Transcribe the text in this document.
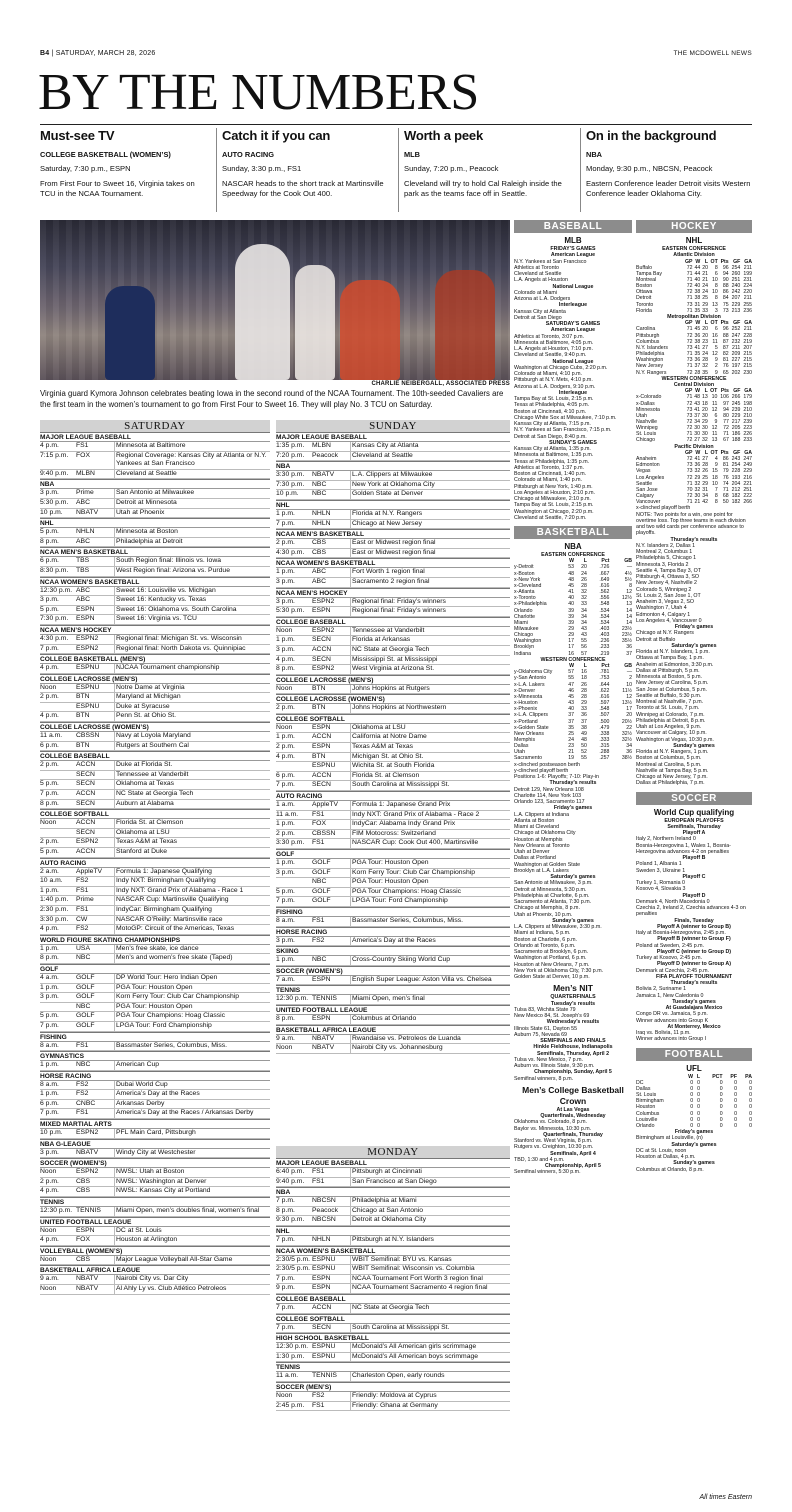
B4 | SATURDAY, MARCH 28, 2026	THE MCDOWELL NEWS
BY THE NUMBERS
Must-see TV
COLLEGE BASKETBALL (WOMEN’S)

Saturday, 7:30 p.m., ESPN

From First Four to Sweet 16, Virginia takes on TCU in the NCAA Tournament.

Catch it if you can
AUTO RACING

Sunday, 3:30 p.m., FS1

NASCAR heads to the short track at Martinsville Speedway for the Cook Out 400.

Worth a peek
MLB

Sunday, 7:20 p.m., Peacock

Cleveland will try to hold Cal Raleigh inside the park as the teams face off in Seattle.

On in the background
NBA

Monday, 9:30 p.m., NBCSN, Peacock

Eastern Conference leader Detroit visits Western Conference leader Oklahoma City.

CHARLIE NEIBERGALL, ASSOCIATED PRESS
Virginia guard Kymora Johnson celebrates beating Iowa in the second round of the NCAA Tournament. The 10th-seeded Cavaliers are the first team in the women’s tournament to go from First Four to Sweet 16. They will play No. 3 TCU on Saturday.
SATURDAY
MAJOR LEAGUE BASEBALL
4 p.m.	FS1	Minnesota at Baltimore
7:15 p.m.	FOX	Regional Coverage: Kansas City at Atlanta or N.Y. Yankees at San Francisco
9:40 p.m.	MLBN	Cleveland at Seattle
NBA
3 p.m.	Prime	San Antonio at Milwaukee
5:30 p.m.	ABC	Detroit at Minnesota
10 p.m.	NBATV	Utah at Phoenix
NHL
5 p.m.	NHLN	Minnesota at Boston
8 p.m.	ABC	Philadelphia at Detroit
NCAA MEN’S BASKETBALL
6 p.m.	TBS	South Region final: Illinois vs. Iowa
8:30 p.m.	TBS	West Region final: Arizona vs. Purdue
NCAA WOMEN’S BASKETBALL
12:30 p.m. ABC	Sweet 16: Louisville vs. Michigan
3 p.m.	ABC	Sweet 16: Kentucky vs. Texas
5 p.m.	ESPN	Sweet 16: Oklahoma vs. South Carolina
7:30 p.m.	ESPN	Sweet 16: Virginia vs. TCU
NCAA MEN’S HOCKEY
4:30 p.m.	ESPN2	Regional final: Michigan St. vs. Wisconsin
7 p.m.	ESPN2	Regional final: North Dakota vs. Quinnipiac
COLLEGE BASKETBALL (MEN’S)
4 p.m.	ESPNU	NJCAA Tournament championship
COLLEGE LACROSSE (MEN’S)
Noon	ESPNU	Notre Dame at Virginia
2 p.m.	BTN	Maryland at Michigan
ESPNU	Duke at Syracuse
4 p.m.	BTN	Penn St. at Ohio St.
COLLEGE LACROSSE (WOMEN’S)
11 a.m.	CBSSN	Navy at Loyola Maryland
6 p.m.	BTN	Rutgers at Southern Cal
COLLEGE BASEBALL
2 p.m.	ACCN	Duke at Florida St.
SECN	Tennessee at Vanderbilt
5 p.m.	SECN	Oklahoma at Texas
7 p.m.	ACCN	NC State at Georgia Tech
8 p.m.	SECN	Auburn at Alabama
COLLEGE SOFTBALL
Noon	ACCN	Florida St. at Clemson
SECN	Oklahoma at LSU
2 p.m.	ESPN2	Texas A&M at Texas
5 p.m.	ACCN	Stanford at Duke
AUTO RACING
2 a.m.	AppleTV	Formula 1: Japanese Qualifying
10 a.m.	FS2	Indy NXT: Birmingham Qualifying
1 p.m.	FS1	Indy NXT: Grand Prix of Alabama - Race 1
1:40 p.m.	Prime	NASCAR Cup: Martinsville Qualifying
2:30 p.m.	FS1	IndyCar: Birmingham Qualifying
3:30 p.m.	CW	NASCAR O’Reilly: Martinsville race
4 p.m.	FS2	MotoGP: Circuit of the Americas, Texas
WORLD FIGURE SKATING CHAMPIONSHIPS
1 p.m.	USA	Men’s free skate, ice dance
8 p.m.	NBC	Men’s and women’s free skate (Taped)
GOLF
4 a.m.	GOLF	DP World Tour: Hero Indian Open
1 p.m.	GOLF	PGA Tour: Houston Open
3 p.m.	GOLF	Korn Ferry Tour: Club Car Championship
NBC	PGA Tour: Houston Open
5 p.m.	GOLF	PGA Tour Champions: Hoag Classic
7 p.m.	GOLF	LPGA Tour: Ford Championship
FISHING
8 a.m.	FS1	Bassmaster Series, Columbus, Miss.
GYMNASTICS
1 p.m.	NBC	American Cup
HORSE RACING
8 a.m.	FS2	Dubai World Cup
1 p.m.	FS2	America’s Day at the Races
6 p.m.	CNBC	Arkansas Derby
7 p.m.	FS1	America’s Day at the Races / Arkansas Derby
MIXED MARTIAL ARTS
10 p.m.	ESPN2	PFL Main Card, Pittsburgh
NBA G-LEAGUE
3 p.m.	NBATV	Windy City at Westchester
SOCCER (WOMEN’S)
Noon	ESPN2	NWSL: Utah at Boston
2 p.m.	CBS	NWSL: Washington at Denver
4 p.m.	CBS	NWSL: Kansas City at Portland
TENNIS
12:30 p.m. TENNIS	Miami Open, men’s doubles final, women’s final
UNITED FOOTBALL LEAGUE
Noon	ESPN	DC at St. Louis
4 p.m.	FOX	Houston at Arlington
VOLLEYBALL (WOMEN’S)
Noon	CBS	Major League Volleyball All-Star Game
BASKETBALL AFRICA LEAGUE
9 a.m.	NBATV	Nairobi City vs. Dar City
Noon	NBATV	Al Ahly Ly vs. Club Atlético Petroleos
SUNDAY
MAJOR LEAGUE BASEBALL
1:35 p.m.	MLBN	Kansas City at Atlanta
7:20 p.m.	Peacock	Cleveland at Seattle
NBA
3:30 p.m.	NBATV	L.A. Clippers at Milwaukee
7:30 p.m.	NBC	New York at Oklahoma City
10 p.m.	NBC	Golden State at Denver
NHL
1 p.m.	NHLN	Florida at N.Y. Rangers
7 p.m.	NHLN	Chicago at New Jersey
NCAA MEN’S BASKETBALL
2 p.m.	CBS	East or Midwest region final
4:30 p.m.	CBS	East or Midwest region final
NCAA WOMEN’S BASKETBALL
1 p.m.	ABC	Fort Worth 1 region final
3 p.m.	ABC	Sacramento 2 region final
NCAA MEN’S HOCKEY
3 p.m.	ESPN2	Regional final: Friday’s winners
5:30 p.m.	ESPN	Regional final: Friday’s winners
COLLEGE BASEBALL
Noon	ESPN2	Tennessee at Vanderbilt
1 p.m.	SECN	Florida at Arkansas
3 p.m.	ACCN	NC State at Georgia Tech
4 p.m.	SECN	Mississippi St. at Mississippi
8 p.m.	ESPN2	West Virginia at Arizona St.
COLLEGE LACROSSE (MEN’S)
Noon	BTN	Johns Hopkins at Rutgers
COLLEGE LACROSSE (WOMEN’S)
2 p.m.	BTN	Johns Hopkins at Northwestern
COLLEGE SOFTBALL
Noon	ESPN	Oklahoma at LSU
1 p.m.	ACCN	California at Notre Dame
2 p.m.	ESPN	Texas A&M at Texas
4 p.m.	BTN	Michigan St. at Ohio St.
ESPNU	Wichita St. at South Florida
6 p.m.	ACCN	Florida St. at Clemson
7 p.m.	SECN	South Carolina at Mississippi St.
AUTO RACING
1 a.m.	AppleTV	Formula 1: Japanese Grand Prix
11 a.m.	FS1	Indy NXT: Grand Prix of Alabama - Race 2
1 p.m.	FOX	IndyCar: Alabama Indy Grand Prix
2 p.m.	CBSSN	FIM Motocross: Switzerland
3:30 p.m.	FS1	NASCAR Cup: Cook Out 400, Martinsville
GOLF
1 p.m.	GOLF	PGA Tour: Houston Open
3 p.m.	GOLF	Korn Ferry Tour: Club Car Championship
NBC	PGA Tour: Houston Open
5 p.m.	GOLF	PGA Tour Champions: Hoag Classic
7 p.m.	GOLF	LPGA Tour: Ford Championship
FISHING
8 a.m.	FS1	Bassmaster Series, Columbus, Miss.
HORSE RACING
3 p.m.	FS2	America’s Day at the Races
SKIING
1 p.m.	NBC	Cross-Country Skiing World Cup
SOCCER (WOMEN’S)
7 a.m.	ESPN	English Super League: Aston Villa vs. Chelsea
TENNIS
12:30 p.m. TENNIS	Miami Open, men’s final
UNITED FOOTBALL LEAGUE
8 p.m.	ESPN	Columbus at Orlando
BASKETBALL AFRICA LEAGUE
9 a.m.	NBATV	Rwandaise vs. Petroleos de Luanda
Noon	NBATV	Nairobi City vs. Johannesburg
MONDAY
MAJOR LEAGUE BASEBALL
6:40 p.m.	FS1	Pittsburgh at Cincinnati
9:40 p.m.	FS1	San Francisco at San Diego
NBA
7 p.m.	NBCSN	Philadelphia at Miami
8 p.m.	Peacock	Chicago at San Antonio
9:30 p.m.	NBCSN	Detroit at Oklahoma City
NHL
7 p.m.	NHLN	Pittsburgh at N.Y. Islanders
NCAA WOMEN’S BASKETBALL
2:30/5 p.m. ESPNU	WBIT Semifinal: BYU vs. Kansas
2:30/5 p.m. ESPNU	WBIT Semifinal: Wisconsin vs. Columbia
7 p.m.	ESPN	NCAA Tournament Fort Worth 3 region final
9 p.m.	ESPN	NCAA Tournament Sacramento 4 region final
COLLEGE BASEBALL
7 p.m.	ACCN	NC State at Georgia Tech
COLLEGE SOFTBALL
7 p.m.	SECN	South Carolina at Mississippi St.
HIGH SCHOOL BASKETBALL
12:30 p.m. ESPNU	McDonald’s All American girls scrimmage
1:30 p.m.	ESPNU	McDonald’s All American boys scrimmage
TENNIS
11 a.m.	TENNIS	Charleston Open, early rounds
SOCCER (MEN’S)
Noon	FS2	Friendly: Moldova at Cyprus
2:45 p.m.	FS1	Friendly: Ghana at Germany
BASEBALL
MLB
FRIDAY’S GAMES
American League
N.Y. Yankees at San Francisco
Athletics at Toronto
Cleveland at Seattle
L.A. Angels at Houston
National League
Colorado at Miami
Arizona at L.A. Dodgers
Interleague
Kansas City at Atlanta
Detroit at San Diego
SATURDAY’S GAMES
American League
Athletics at Toronto, 3:07 p.m.
Minnesota at Baltimore, 4:05 p.m.
L.A. Angels at Houston, 7:10 p.m.
Cleveland at Seattle, 9:40 p.m.
National League
Washington at Chicago Cubs, 2:20 p.m.
Colorado at Miami, 4:10 p.m.
Pittsburgh at N.Y. Mets, 4:10 p.m.
Arizona at L.A. Dodgers, 9:10 p.m.
Interleague
Tampa Bay at St. Louis, 2:15 p.m.
Texas at Philadelphia, 4:05 p.m.
Boston at Cincinnati, 4:10 p.m.
Chicago White Sox at Milwaukee, 7:10 p.m.
Kansas City at Atlanta, 7:15 p.m.
N.Y. Yankees at San Francisco, 7:15 p.m.
Detroit at San Diego, 8:40 p.m.
SUNDAY’S GAMES
Kansas City at Atlanta, 1:35 p.m.
Minnesota at Baltimore, 1:35 p.m.
Texas at Philadelphia, 1:35 p.m.
Athletics at Toronto, 1:37 p.m.
Boston at Cincinnati, 1:40 p.m.
Colorado at Miami, 1:40 p.m.
Pittsburgh at New York, 1:40 p.m.
Los Angeles at Houston, 2:10 p.m.
Chicago at Milwaukee, 2:10 p.m.
Tampa Bay at St. Louis, 2:15 p.m.
Washington at Chicago, 2:20 p.m.
Cleveland at Seattle, 7:20 p.m.
BASKETBALL
NBA
EASTERN CONFERENCE
	W	L	Pct	GB
y-Detroit	53	20	.726	—
x-Boston	48	24	.667	4½
x-New York	48	26	.649	5½
x-Cleveland	45	28	.616	8
x-Atlanta	41	32	.562	12
x-Toronto	40	32	.556	12½
x-Philadelphia	40	33	.548	13
Orlando	39	34	.534	14
Charlotte	39	34	.534	14
Miami	39	34	.534	14
Milwaukee	29	43	.403	23½
Chicago	29	43	.403	23½
Washington	17	55	.236	35½
Brooklyn	17	56	.233	36
Indiana	16	57	.219	37
WESTERN CONFERENCE
	W	L	Pct	GB
y-Oklahoma City	57	16	.781	—
y-San Antonio	55	18	.753	2
x-L.A. Lakers	47	26	.644	10
x-Denver	46	28	.622	11½
x-Minnesota	45	28	.616	12
x-Houston	43	29	.597	13½
x-Phoenix	40	33	.548	17
x-L.A. Clippers	37	36	.507	20
x-Portland	37	37	.500	20½
x-Golden State	35	38	.479	22
New Orleans	25	49	.338	32½
Memphis	24	48	.333	32½
Dallas	23	50	.315	34
Utah	21	52	.288	36
Sacramento	19	55	.257	38½
x-clinched postseason berth
y-clinched playoff berth
Positions 1-6: Playoffs; 7-10: Play-in
Thursday’s results
Detroit 129, New Orleans 108
Charlotte 114, New York 103
Orlando 123, Sacramento 117
Friday’s games
L.A. Clippers at Indiana
Atlanta at Boston
Miami at Cleveland
Chicago at Oklahoma City
Houston at Memphis
New Orleans at Toronto
Utah at Denver
Dallas at Portland
Washington at Golden State
Brooklyn at L.A. Lakers
Saturday’s games
San Antonio at Milwaukee, 3 p.m.
Detroit at Minnesota, 5:30 p.m.
Philadelphia at Charlotte, 6 p.m.
Sacramento at Atlanta, 7:30 p.m.
Chicago at Memphis, 8 p.m.
Utah at Phoenix, 10 p.m.
Sunday’s games
L.A. Clippers at Milwaukee, 3:30 p.m.
Miami at Indiana, 5 p.m.
Boston at Charlotte, 6 p.m.
Orlando at Toronto, 6 p.m.
Sacramento at Brooklyn, 6 p.m.
Washington at Portland, 6 p.m.
Houston at New Orleans, 7 p.m.
New York at Oklahoma City, 7:30 p.m.
Golden State at Denver, 10 p.m.
Men’s NIT
QUARTERFINALS
Tuesday’s results
Tulsa 83, Wichita State 79
New Mexico 84, St. Joseph’s 69
Wednesday’s results
Illinois State 61, Dayton 55
Auburn 75, Nevada 69
SEMIFINALS AND FINALS
Hinkle Fieldhouse, Indianapolis
Semifinals, Thursday, April 2
Tulsa vs. New Mexico, 7 p.m.
Auburn vs. Illinois State, 9:30 p.m.
Championship, Sunday, April 5
Semifinal winners, 8 p.m.
Men’s College Basketball Crown
At Las Vegas
Quarterfinals, Wednesday
Oklahoma vs. Colorado, 8 p.m.
Baylor vs. Minnesota, 10:30 p.m.
Quarterfinals, Thursday
Stanford vs. West Virginia, 8 p.m.
Rutgers vs. Creighton, 10:30 p.m.
Semifinals, April 4
TBD, 1:30 and 4 p.m.
Championship, April 5
Semifinal winners, 5:30 p.m.
HOCKEY
NHL
EASTERN CONFERENCE
Atlantic Division
	GP	W	L	OT	Pts	GF	GA
Buffalo	72	44	20	8	96	254	211
Tampa Bay	71	44	21	6	94	260	199
Montreal	71	40	21	10	90	251	231
Boston	72	40	24	8	88	240	224
Ottawa	72	38	24	10	86	242	220
Detroit	71	38	25	8	84	207	211
Toronto	73	31	29	13	75	229	255
Florida	71	35	33	3	73	213	236
Metropolitan Division
	GP	W	L	OT	Pts	GF	GA
Carolina	71	45	20	6	96	252	211
Pittsburgh	72	36	20	16	88	247	228
Columbus	72	38	23	11	87	232	219
N.Y. Islanders	73	41	27	5	87	211	207
Philadelphia	71	35	24	12	82	209	215
Washington	73	36	28	9	81	227	215
New Jersey	71	37	32	2	76	197	215
N.Y. Rangers	72	28	35	9	65	202	230
WESTERN CONFERENCE
Central Division
	GP	W	L	OT	Pts	GF	GA
x-Colorado	71	48	13	10	106	266	179
x-Dallas	72	43	18	11	97	245	198
Minnesota	73	41	20	12	94	239	210
Utah	73	37	30	6	80	229	210
Nashville	72	34	29	9	77	217	239
Winnipeg	72	30	30	12	72	205	223
St. Louis	71	30	30	11	71	186	226
Chicago	72	27	32	13	67	188	233
Pacific Division
	GP	W	L	OT	Pts	GF	GA
Anaheim	72	41	27	4	86	243	247
Edmonton	73	36	28	9	81	254	249
Vegas	73	32	26	15	79	228	229
Los Angeles	72	29	25	18	76	193	216
Seattle	71	32	29	10	74	204	221
San Jose	70	32	31	7	71	212	251
Calgary	72	30	34	8	68	182	222
Vancouver	71	21	42	8	50	182	266
x-clinched playoff berth
NOTE: Two points for a win, one point for overtime loss. Top three teams in each division and two wild cards per conference advance to playoffs.
Thursday’s results
N.Y. Islanders 2, Dallas 1
Montreal 2, Columbus 1
Philadelphia 5, Chicago 1
Minnesota 3, Florida 2
Seattle 4, Tampa Bay 3, OT
Pittsburgh 4, Ottawa 3, SO
New Jersey 4, Nashville 2
Colorado 5, Winnipeg 2
St. Louis 2, San Jose 1, OT
Anaheim 3, Vegas 2, SO
Washington 7, Utah 4
Edmonton 4, Calgary 1
Los Angeles 4, Vancouver 0
Friday’s games
Chicago at N.Y. Rangers
Detroit at Buffalo
Saturday’s games
Florida at N.Y. Islanders, 1 p.m.
Ottawa at Tampa Bay, 1 p.m.
Anaheim at Edmonton, 3:30 p.m.
Dallas at Pittsburgh, 5 p.m.
Minnesota at Boston, 5 p.m.
New Jersey at Carolina, 5 p.m.
San Jose at Columbus, 5 p.m.
Seattle at Buffalo, 5:30 p.m.
Montreal at Nashville, 7 p.m.
Toronto at St. Louis, 7 p.m.
Winnipeg at Colorado, 7 p.m.
Philadelphia at Detroit, 8 p.m.
Utah at Los Angeles, 9 p.m.
Vancouver at Calgary, 10 p.m.
Washington at Vegas, 10:30 p.m.
Sunday’s games
Florida at N.Y. Rangers, 1 p.m.
Boston at Columbus, 5 p.m.
Montreal at Carolina, 5 p.m.
Nashville at Tampa Bay, 5 p.m.
Chicago at New Jersey, 7 p.m.
Dallas at Philadelphia, 7 p.m.
SOCCER
World Cup qualifying
EUROPEAN PLAYOFFS
Semifinals, Thursday
Playoff A
Italy 2, Northern Ireland 0
Bosnia-Herzegovina 1, Wales 1, Bosnia-Herzegovina advances 4-2 on penalties
Playoff B
Poland 1, Albania 1
Sweden 3, Ukraine 1
Playoff C
Turkey 1, Romania 0
Kosovo 4, Slovakia 3
Playoff D
Denmark 4, North Macedonia 0
Czechia 2, Ireland 2, Czechia advances 4-3 on penalties
Finals, Tuesday
Playoff A (winner to Group B)
Italy at Bosnia-Herzegovina, 2:45 p.m.
Playoff B (winner to Group F)
Poland at Sweden, 2:45 p.m.
Playoff C (winner to Group D)
Turkey at Kosovo, 2:45 p.m.
Playoff D (winner to Group A)
Denmark at Czechia, 2:45 p.m.
FIFA PLAYOFF TOURNAMENT
Thursday’s results
Bolivia 2, Suriname 1
Jamaica 1, New Caledonia 0
Tuesday’s games
At Guadalajara Mexico
Congo DR vs. Jamaica, 5 p.m.
Winner advances into Group K
At Monterrey, Mexico
Iraq vs. Bolivia, 11 p.m.
Winner advances into Group I
FOOTBALL
UFL
	W	L	PCT	PF	PA
DC	0	0	0	0	0
Dallas	0	0	0	0	0
St. Louis	0	0	0	0	0
Birmingham	0	0	0	0	0
Houston	0	0	0	0	0
Columbus	0	0	0	0	0
Louisville	0	0	0	0	0
Orlando	0	0	0	0	0
Friday’s games
Birmingham at Louisville, (n)
Saturday’s games
DC at St. Louis, noon
Houston at Dallas, 4 p.m.
Sunday’s games
Columbus at Orlando, 8 p.m.
All times Eastern
